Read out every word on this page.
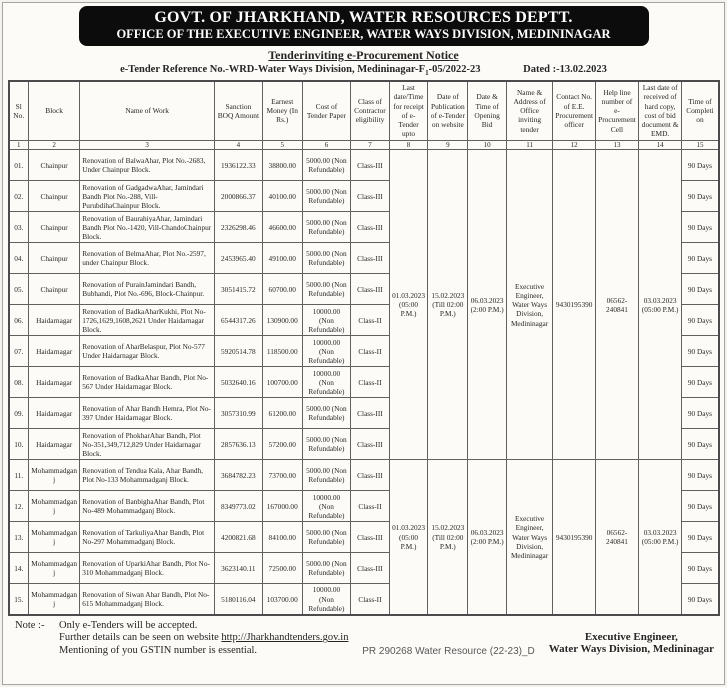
GOVT. OF JHARKHAND, WATER RESOURCES DEPTT.
OFFICE OF THE EXECUTIVE ENGINEER, WATER WAYS DIVISION, MEDININAGAR
Tenderinviting e-Procurement Notice
e-Tender Reference No.-WRD-Water Ways Division, Medininagar-$F_1-05/2022-23$	Dated :-13.02.2023
Sl No.	Block	Name of Work	Sanction BOQ Amount	Earnest Money (In Rs.)	Cost of Tender Paper	Class of Contractor eligibility	Last date/Time for receipt of e-Tender upto	Date of Publication of e-Tender on website	Date & Time of Opening Bid	Name & Address of Office inviting tender	Contact No. of E.E. Procurement officer	Help line number of e-Procurement Cell	Last date of received of hard copy, cost of bid document & EMD.	Time of Completion
1	2	3	4	5	6	7	8	9	10	11	12	13	14	15
01.	Chainpur	Renovation of BalwaAhar, Plot No.-2683, Under Chainpur Block.	1936122.33	38800.00	5000.00 (Non Refundable)	Class-III	01.03.2023 (05:00 P.M.)	15.02.2023 (Till 02:00 P.M.)	06.03.2023 (2:00 P.M.)	Executive Engineer, Water Ways Division, Medininagar	9430195390	06562-240841	03.03.2023 (05:00 P.M.)	90 Days
02.	Chainpur	Renovation of GadgadwaAhar, Jamindari Bandh Plot No.-288, Vill-PurubdihaChainpur Block.	2000866.37	40100.00	5000.00 (Non Refundable)	Class-III								90 Days
03.	Chainpur	Renovation of BaurahiyaAhar, Jamindari Bandh Plot No.-1420, Vill-ChandoChainpur Block.	2326298.46	46600.00	5000.00 (Non Refundable)	Class-III								90 Days
04.	Chainpur	Renovation of BelmaAhar, Plot No.-2597, under Chainpur Block.	2453965.40	49100.00	5000.00 (Non Refundable)	Class-III								90 Days
05.	Chainpur	Renovation of PurainJamindari Bandh, Bubhandi, Plot No.-696, Block-Chainpur.	3051415.72	60700.00	5000.00 (Non Refundable)	Class-III								90 Days
06.	Haidarnagar	Renovation of BadkaAharKukhi, Plot No-1726,1629,1608,2621 Under Haidarnagar Block.	6544317.26	130900.00	10000.00 (Non Refundable)	Class-II								90 Days
07.	Haidarnagar	Renovation of AharBelaspur, Plot No-577 Under Haidarnagar Block.	5920514.78	118500.00	10000.00 (Non Refundable)	Class-II								90 Days
08.	Haidarnagar	Renovation of BadkaAhar Bandh, Plot No-567 Under Haidarnagar Block.	5032640.16	100700.00	10000.00 (Non Refundable)	Class-II								90 Days
09.	Haidarnagar	Renovation of Ahar Bandh Hemra, Plot No-397 Under Haidarnagar Block.	3057310.99	61200.00	5000.00 (Non Refundable)	Class-III								90 Days
10.	Haidarnagar	Renovation of PhokharAhar Bandh, Plot No-351,349,712,829 Under Haidarnagar Block.	2857636.13	57200.00	5000.00 (Non Refundable)	Class-III								90 Days
11.	Mohammadganj	Renovation of Tendua Kala, Ahar Bandh, Plot No-133 Mohammadganj Block.	3684782.23	73700.00	5000.00 (Non Refundable)	Class-III	01.03.2023 (05:00 P.M.)	15.02.2023 (Till 02:00 P.M.)	06.03.2023 (2:00 P.M.)	Executive Engineer, Water Ways Division, Medininagar	9430195390	06562-240841	03.03.2023 (05:00 P.M.)	90 Days
12.	Mohammadganj	Renovation of BanbighaAhar Bandh, Plot No-489 Mohammadganj Block.	8349773.02	167000.00	10000.00 (Non Refundable)	Class-II								90 Days
13.	Mohammadganj	Renovation of TarkuliyaAhar Bandh, Plot No-297 Mohammadganj Block.	4200821.68	84100.00	5000.00 (Non Refundable)	Class-III								90 Days
14.	Mohammadganj	Renovation of UparkiAhar Bandh, Plot No-310 Mohammadganj Block.	3623140.11	72500.00	5000.00 (Non Refundable)	Class-III								90 Days
15.	Mohammadganj	Renovation of Siwan Ahar Bandh, Plot No-615 Mohammadganj Block.	5180116.04	103700.00	10000.00 (Non Refundable)	Class-II								90 Days
Note :- Only e-Tenders will be accepted.
Further details can be seen on website http://Jharkhandtenders.gov.in
Mentioning of you GSTIN number is essential.	PR 290268 Water Resource (22-23)_D
Executive Engineer,
Water Ways Division, Medininagar
